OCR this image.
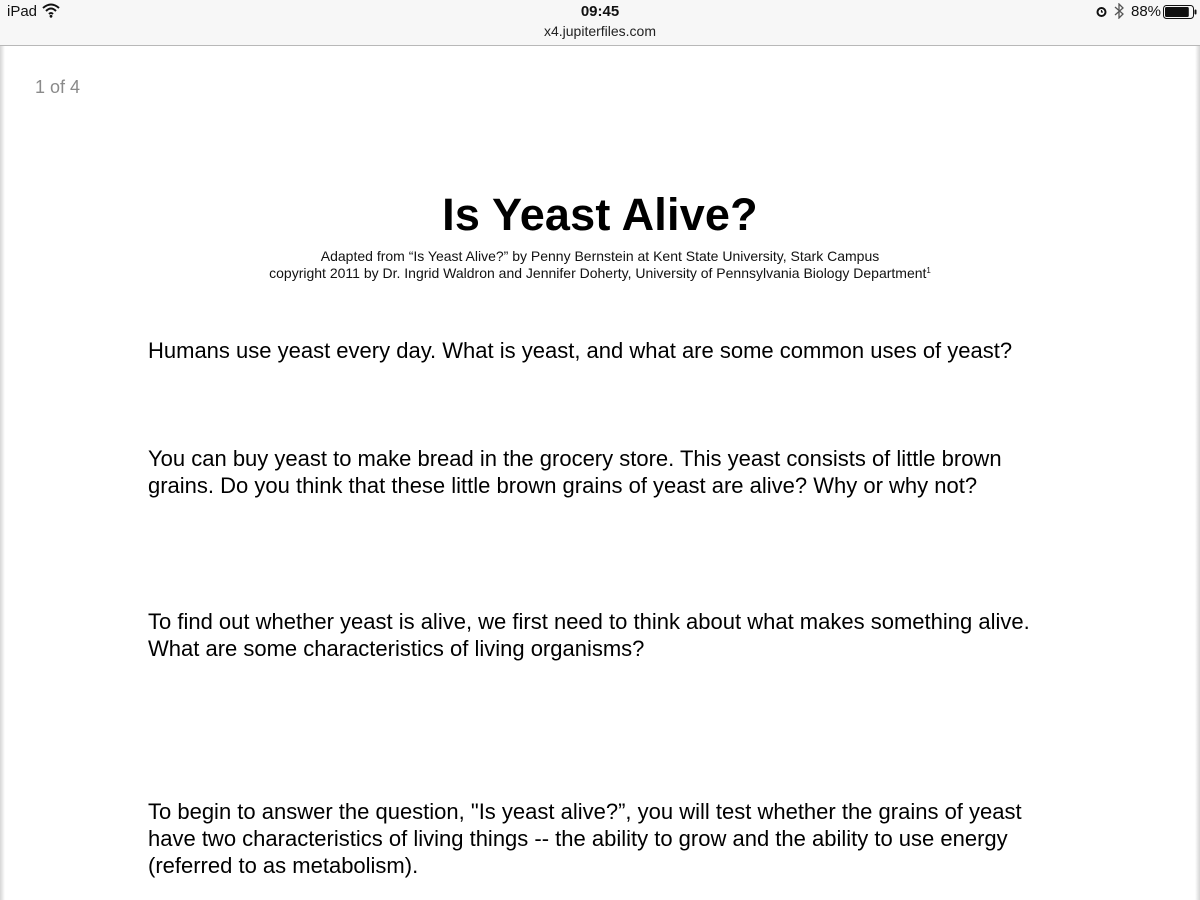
iPad	09:45
x4.jupiterfiles.com
88%
1 of 4
Is Yeast Alive?
Adapted from “Is Yeast Alive?” by Penny Bernstein at Kent State University, Stark Campus
copyright 2011 by Dr. Ingrid Waldron and Jennifer Doherty, University of Pennsylvania Biology Department$^1$
Humans use yeast every day. What is yeast, and what are some common uses of yeast?
You can buy yeast to make bread in the grocery store. This yeast consists of little brown grains. Do you think that these little brown grains of yeast are alive? Why or why not?
To find out whether yeast is alive, we first need to think about what makes something alive. What are some characteristics of living organisms?
To begin to answer the question, "Is yeast alive?”, you will test whether the grains of yeast have two characteristics of living things -- the ability to grow and the ability to use energy (referred to as metabolism).
